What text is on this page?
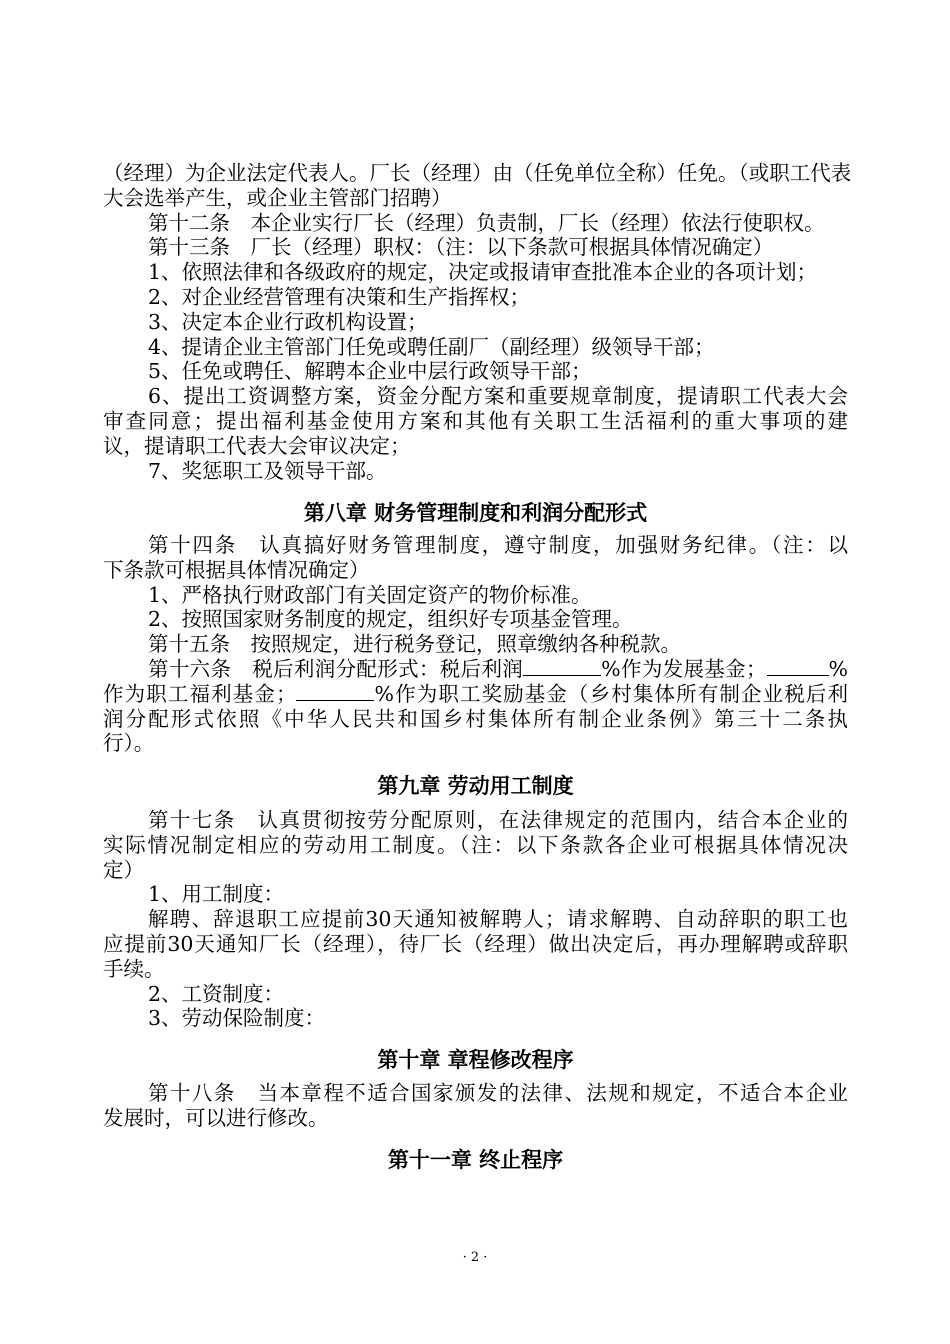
（经理）为企业法定代表人。厂长（经理）由（任免单位全称）任免。（或职工代表
大会选举产生，或企业主管部门招聘）
第十二条　本企业实行厂长（经理）负责制，厂长（经理）依法行使职权。
第十三条　厂长（经理）职权：（注：以下条款可根据具体情况确定）
1、依照法律和各级政府的规定，决定或报请审查批准本企业的各项计划；
2、对企业经营管理有决策和生产指挥权；
3、决定本企业行政机构设置；
4、提请企业主管部门任免或聘任副厂（副经理）级领导干部；
5、任免或聘任、解聘本企业中层行政领导干部；
6、提出工资调整方案，资金分配方案和重要规章制度，提请职工代表大会
审查同意；提出福利基金使用方案和其他有关职工生活福利的重大事项的建
议，提请职工代表大会审议决定；
7、奖惩职工及领导干部。
第八章 财务管理制度和利润分配形式
第十四条　认真搞好财务管理制度，遵守制度，加强财务纪律。（注：以
下条款可根据具体情况确定）
1、严格执行财政部门有关固定资产的物价标准。
2、按照国家财务制度的规定，组织好专项基金管理。
第十五条　按照规定，进行税务登记，照章缴纳各种税款。
第十六条　税后利润分配形式：税后利润	%作为发展基金；	%
作为职工福利基金；	%作为职工奖励基金（乡村集体所有制企业税后利
润分配形式依照《中华人民共和国乡村集体所有制企业条例》第三十二条执
行）。
第九章 劳动用工制度
第十七条　认真贯彻按劳分配原则，在法律规定的范围内，结合本企业的
实际情况制定相应的劳动用工制度。（注：以下条款各企业可根据具体情况决
定）
1、用工制度：
解聘、辞退职工应提前30天通知被解聘人；请求解聘、自动辞职的职工也
应提前30天通知厂长（经理），待厂长（经理）做出决定后，再办理解聘或辞职
手续。
2、工资制度：
3、劳动保险制度：
第十章 章程修改程序
第十八条　当本章程不适合国家颁发的法律、法规和规定，不适合本企业
发展时，可以进行修改。
第十一章 终止程序
· 2 ·
